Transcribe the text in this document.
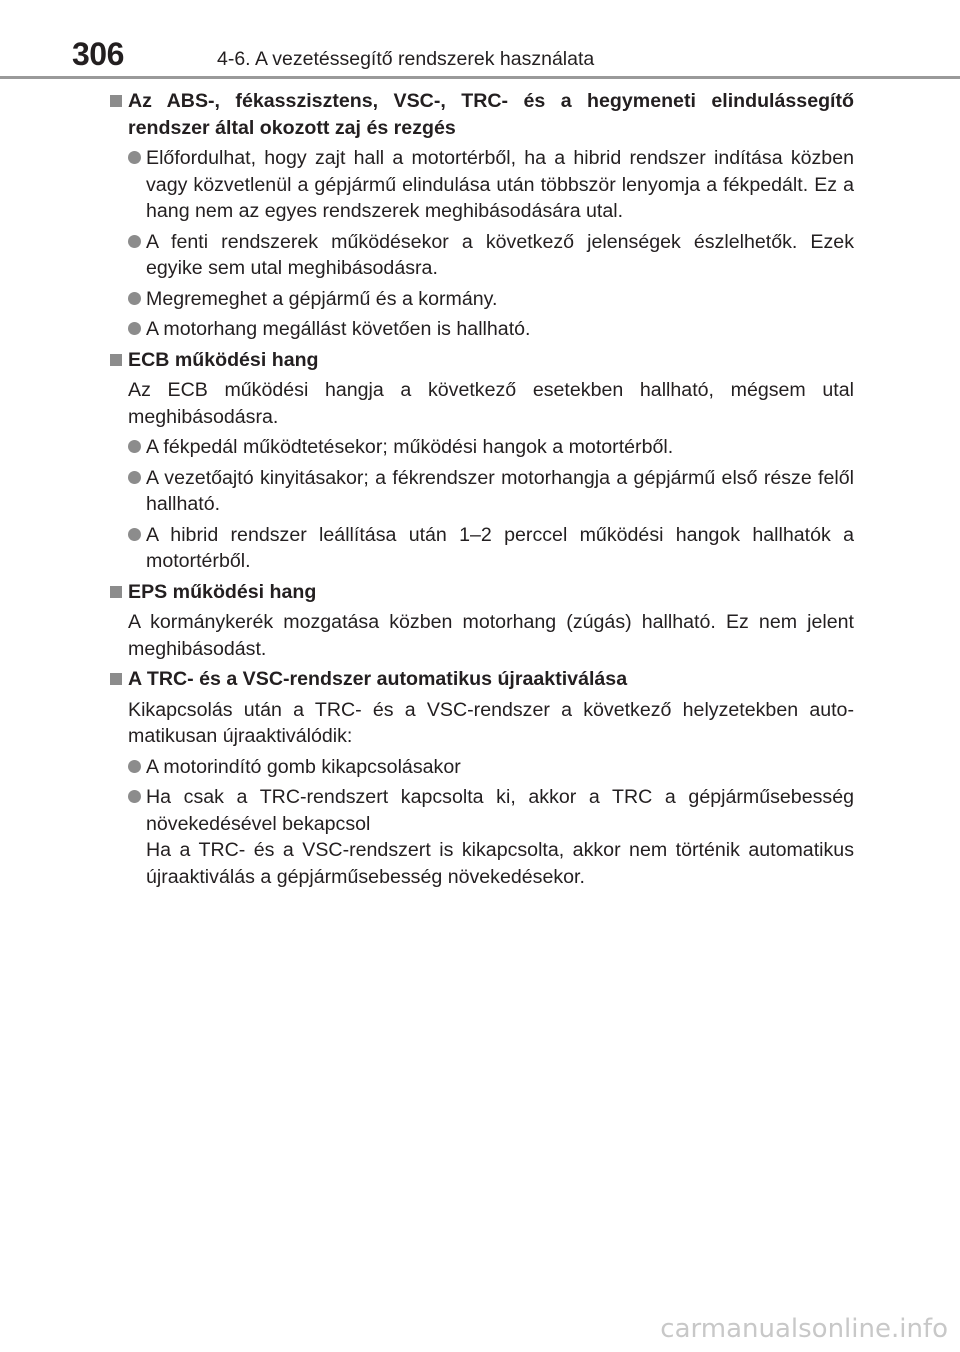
306	4-6. A vezetéssegítő rendszerek használata
Az ABS-, fékasszisztens, VSC-, TRC- és a hegymeneti elindulássegítő rendszer által okozott zaj és rezgés
Előfordulhat, hogy zajt hall a motortérből, ha a hibrid rendszer indítása közben vagy közvetlenül a gépjármű elindulása után többször lenyomja a fékpedált. Ez a hang nem az egyes rendszerek meghibásodására utal.
A fenti rendszerek működésekor a következő jelenségek észlelhetők. Ezek egyike sem utal meghibásodásra.
Megremeghet a gépjármű és a kormány.
A motorhang megállást követően is hallható.
ECB működési hang
Az ECB működési hangja a következő esetekben hallható, mégsem utal meghibásodásra.
A fékpedál működtetésekor; működési hangok a motortérből.
A vezetőajtó kinyitásakor; a fékrendszer motorhangja a gépjármű első része felől hallható.
A hibrid rendszer leállítása után 1–2 perccel működési hangok hallhatók a motortérből.
EPS működési hang
A kormánykerék mozgatása közben motorhang (zúgás) hallható. Ez nem jelent meghibásodást.
A TRC- és a VSC-rendszer automatikus újraaktiválása
Kikapcsolás után a TRC- és a VSC-rendszer a következő helyzetekben automatikusan újraaktiválódik:
A motorindító gomb kikapcsolásakor
Ha csak a TRC-rendszert kapcsolta ki, akkor a TRC a gépjárműsebesség növekedésével bekapcsol
Ha a TRC- és a VSC-rendszert is kikapcsolta, akkor nem történik automatikus újraaktiválás a gépjárműsebesség növekedésekor.
carmanualsonline.info
